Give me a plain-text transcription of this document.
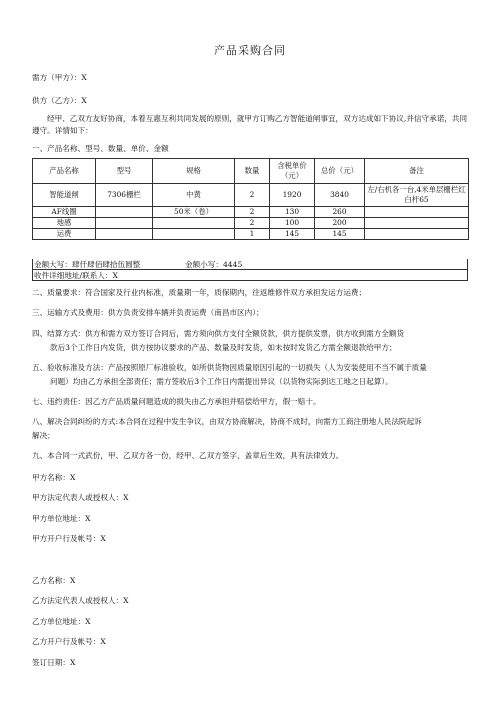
产品采购合同
需方（甲方）：X
供方（乙方）：X
经甲、乙双方友好协商，本着互惠互利共同发展的原则，就甲方订购乙方智能道闸事宜，双方达成如下协议,并信守承诺，共同遵守。详情如下：
一、产品名称、型号、数量、单价、金额
产品名称	型号	规格	数量	含税单价（元）	总价（元）	备注
智能道闸	7306栅栏	中黄	2	1920	3840	左/右机各一台,4米单层栅栏红白杆65
AF线圈		50米（卷）	2	130	260	
地感			2	100	200	
运费			1	145	145	
金额大写：肆仟肆佰肆拾伍圆整	金额小写：4445
收件详细地址/联系人：X
二、质量要求：符合国家及行业内标准，质量期一年，质保期内，往返维修件双方承担发运方运费；
三、运输方式及费用：供方负责安排车辆并负责运费（南昌市区内）；
四、结算方式：供方和需方双方签订合同后，需方须向供方支付全额货款，供方提供发票，供方收到需方全额货
款后3个工作日内发货，供方按协议要求的产品、数量及时发货，如未按时发货乙方需全额退款给甲方；
五、验收标准及方法：产品按照原厂标准验收，如所供货物因质量原因引起的一切损失（人为安装使用不当不属于质量
问题）均由乙方承担全部责任；需方签收后3个工作日内需提出异议（以货物实际到达工地之日起算）。
七、违约责任：因乙方产品质量问题造成的损失由乙方承担并赔偿给甲方，假一赔十。
八、解决合同纠纷的方式:本合同在过程中发生争议，由双方协商解决，协商不成时，向需方工商注册地人民法院起诉
解决；
九、本合同一式武份，甲、乙双方各一份，经甲、乙双方签字、盖章后生效，具有法律效力。
甲方名称：X
甲方法定代表人或授权人：X
甲方单位地址：X
甲方开户行及帐号：X
乙方名称：X
乙方法定代表人或授权人：X
乙方单位地址：X
乙方开户行及帐号：X
签订日期：X
